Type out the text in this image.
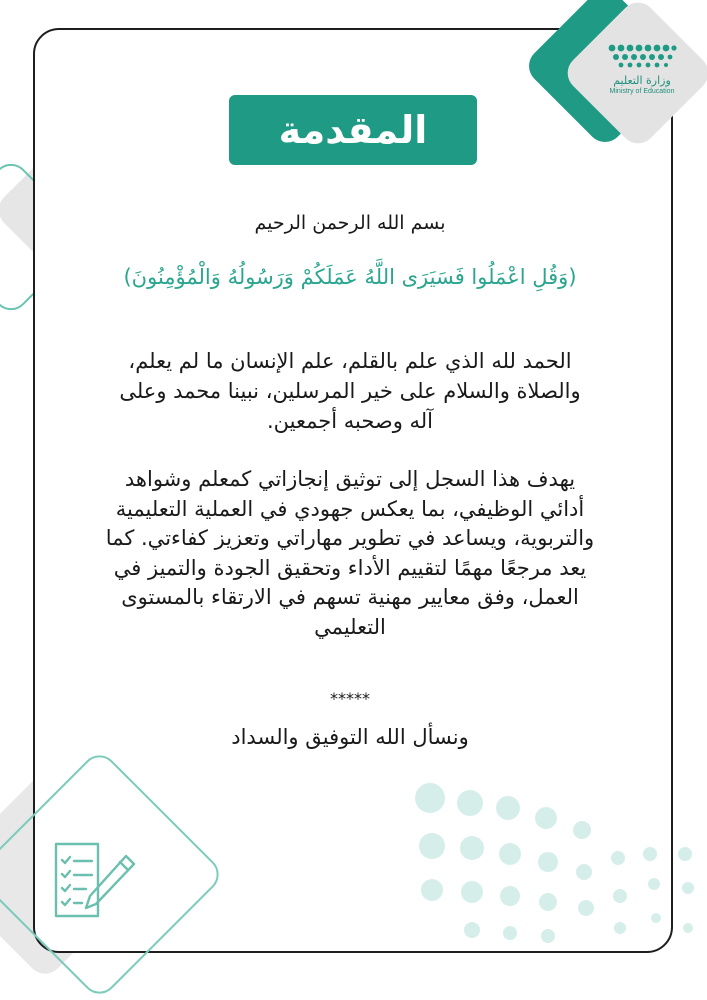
وزارة التعليم
Ministry of Education
المقدمة
بسم الله الرحمن الرحيم
(وَقُلِ اعْمَلُوا فَسَيَرَى اللَّهُ عَمَلَكُمْ وَرَسُولُهُ وَالْمُؤْمِنُونَ)
الحمد لله الذي علم بالقلم، علم الإنسان ما لم يعلم، والصلاة والسلام على خير المرسلين، نبينا محمد وعلى آله وصحبه أجمعين.
يهدف هذا السجل إلى توثيق إنجازاتي كمعلم وشواهد أدائي الوظيفي، بما يعكس جهودي في العملية التعليمية والتربوية، ويساعد في تطوير مهاراتي وتعزيز كفاءتي. كما يعد مرجعًا مهمًا لتقييم الأداء وتحقيق الجودة والتميز في العمل، وفق معايير مهنية تسهم في الارتقاء بالمستوى التعليمي
*****
ونسأل الله التوفيق والسداد
